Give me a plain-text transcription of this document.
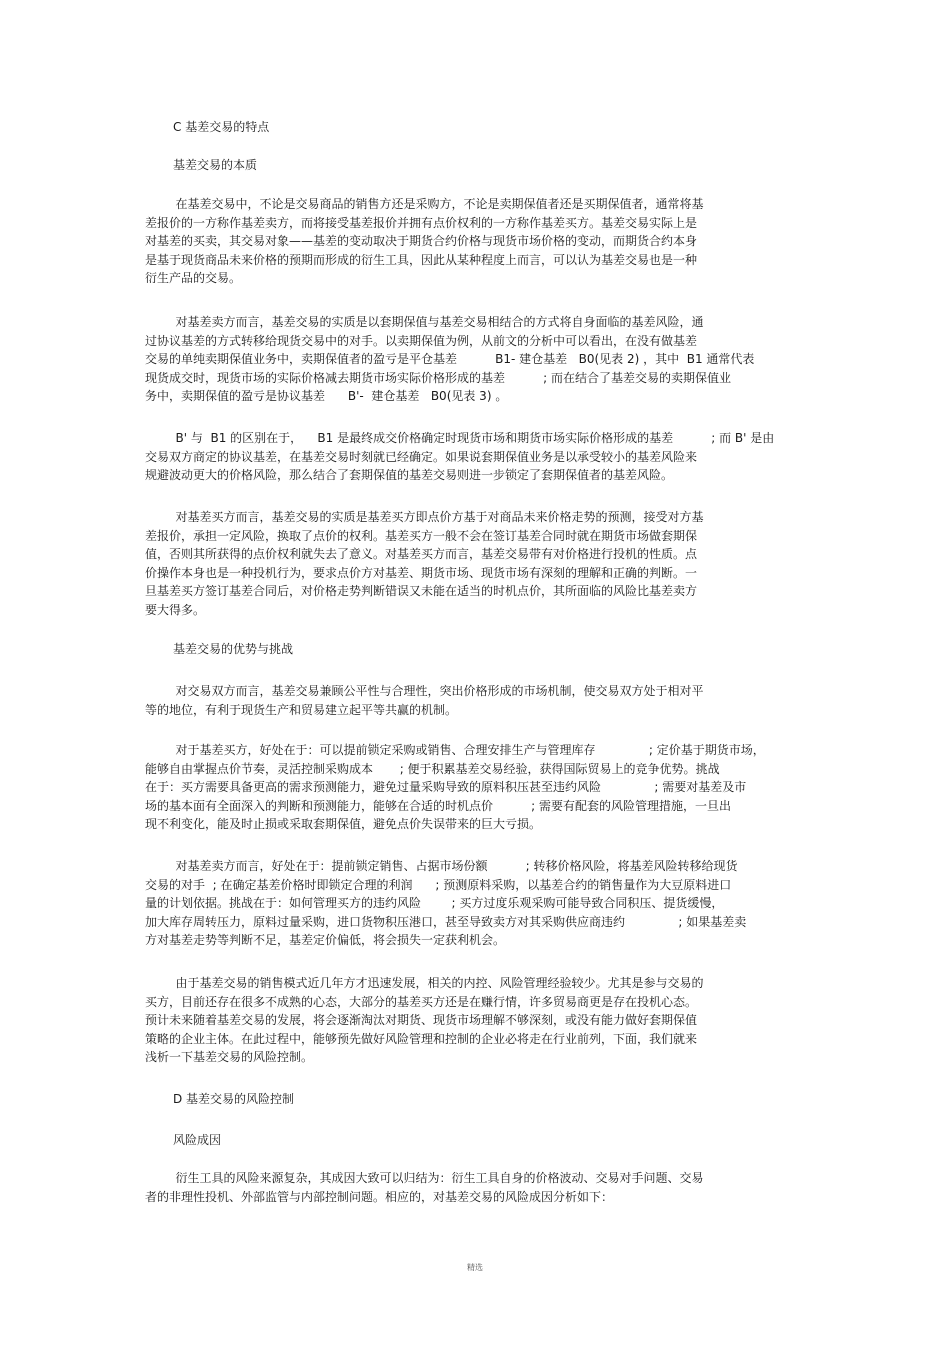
C 基差交易的特点
基差交易的本质
在基差交易中，不论是交易商品的销售方还是采购方，不论是卖期保值者还是买期保值者，通常将基
差报价的一方称作基差卖方，而将接受基差报价并拥有点价权利的一方称作基差买方。基差交易实际上是
对基差的买卖，其交易对象——基差的变动取决于期货合约价格与现货市场价格的变动，而期货合约本身
是基于现货商品未来价格的预期而形成的衍生工具，因此从某种程度上而言，可以认为基差交易也是一种
衍生产品的交易。
对基差卖方而言，基差交易的实质是以套期保值与基差交易相结合的方式将自身面临的基差风险，通
过协议基差的方式转移给现货交易中的对手。以卖期保值为例，从前文的分析中可以看出，在没有做基差
交易的单纯卖期保值业务中，卖期保值者的盈亏是平仓基差          B1- 建仓基差   B0(见表 2) ，其中  B1 通常代表
现货成交时，现货市场的实际价格减去期货市场实际价格形成的基差          ; 而在结合了基差交易的卖期保值业
务中，卖期保值的盈亏是协议基差      B'-  建仓基差   B0(见表 3) 。
B' 与  B1 的区别在于，    B1 是最终成交价格确定时现货市场和期货市场实际价格形成的基差          ; 而 B' 是由
交易双方商定的协议基差，在基差交易时刻就已经确定。如果说套期保值业务是以承受较小的基差风险来
规避波动更大的价格风险，那么结合了套期保值的基差交易则进一步锁定了套期保值者的基差风险。
对基差买方而言，基差交易的实质是基差买方即点价方基于对商品未来价格走势的预测，接受对方基
差报价，承担一定风险，换取了点价的权利。基差买方一般不会在签订基差合同时就在期货市场做套期保
值，否则其所获得的点价权利就失去了意义。对基差买方而言，基差交易带有对价格进行投机的性质。点
价操作本身也是一种投机行为，要求点价方对基差、期货市场、现货市场有深刻的理解和正确的判断。一
旦基差买方签订基差合同后，对价格走势判断错误又未能在适当的时机点价，其所面临的风险比基差卖方
要大得多。
基差交易的优势与挑战
对交易双方而言，基差交易兼顾公平性与合理性，突出价格形成的市场机制，使交易双方处于相对平
等的地位，有利于现货生产和贸易建立起平等共赢的机制。
对于基差买方，好处在于：可以提前锁定采购或销售、合理安排生产与管理库存              ; 定价基于期货市场，
能够自由掌握点价节奏，灵活控制采购成本       ; 便于积累基差交易经验，获得国际贸易上的竞争优势。挑战
在于：买方需要具备更高的需求预测能力，避免过量采购导致的原料积压甚至违约风险              ; 需要对基差及市
场的基本面有全面深入的判断和预测能力，能够在合适的时机点价          ; 需要有配套的风险管理措施，一旦出
现不利变化，能及时止损或采取套期保值，避免点价失误带来的巨大亏损。
对基差卖方而言，好处在于：提前锁定销售、占据市场份额          ; 转移价格风险，将基差风险转移给现货
交易的对手  ; 在确定基差价格时即锁定合理的利润      ; 预测原料采购，以基差合约的销售量作为大豆原料进口
量的计划依据。挑战在于：如何管理买方的违约风险        ; 买方过度乐观采购可能导致合同积压、提货缓慢，
加大库存周转压力，原料过量采购，进口货物积压港口，甚至导致卖方对其采购供应商违约              ; 如果基差卖
方对基差走势等判断不足，基差定价偏低，将会损失一定获利机会。
由于基差交易的销售模式近几年方才迅速发展，相关的内控、风险管理经验较少。尤其是参与交易的
买方，目前还存在很多不成熟的心态，大部分的基差买方还是在赚行情，许多贸易商更是存在投机心态。
预计未来随着基差交易的发展，将会逐渐淘汰对期货、现货市场理解不够深刻，或没有能力做好套期保值
策略的企业主体。在此过程中，能够预先做好风险管理和控制的企业必将走在行业前列，下面，我们就来
浅析一下基差交易的风险控制。
D 基差交易的风险控制
风险成因
衍生工具的风险来源复杂，其成因大致可以归结为：衍生工具自身的价格波动、交易对手问题、交易
者的非理性投机、外部监管与内部控制问题。相应的，对基差交易的风险成因分析如下：
精选
